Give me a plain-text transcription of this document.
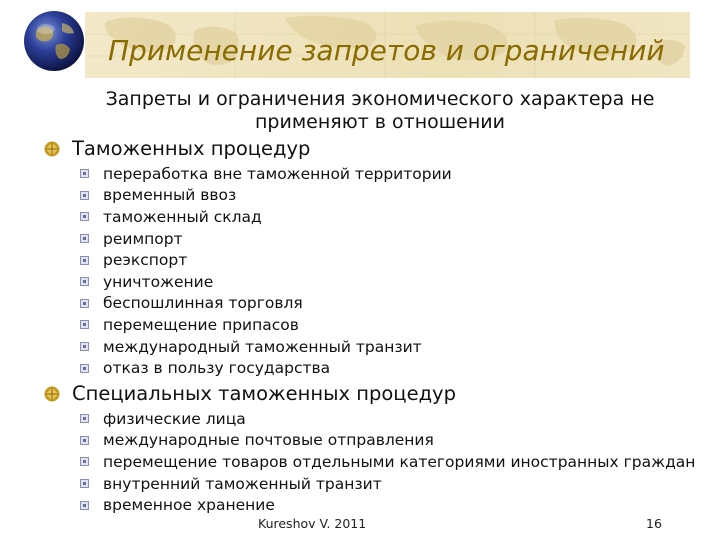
Применение запретов и ограничений
Запреты и ограничения экономического характера не применяют в отношении
Таможенных процедур
переработка вне таможенной территории
временный ввоз
таможенный склад
реимпорт
реэкспорт
уничтожение
беспошлинная торговля
перемещение припасов
международный таможенный транзит
отказ в пользу государства
Специальных таможенных процедур
физические лица
международные почтовые отправления
перемещение товаров отдельными категориями иностранных граждан
внутренний таможенный транзит
временное хранение
Kureshov V. 2011	16
